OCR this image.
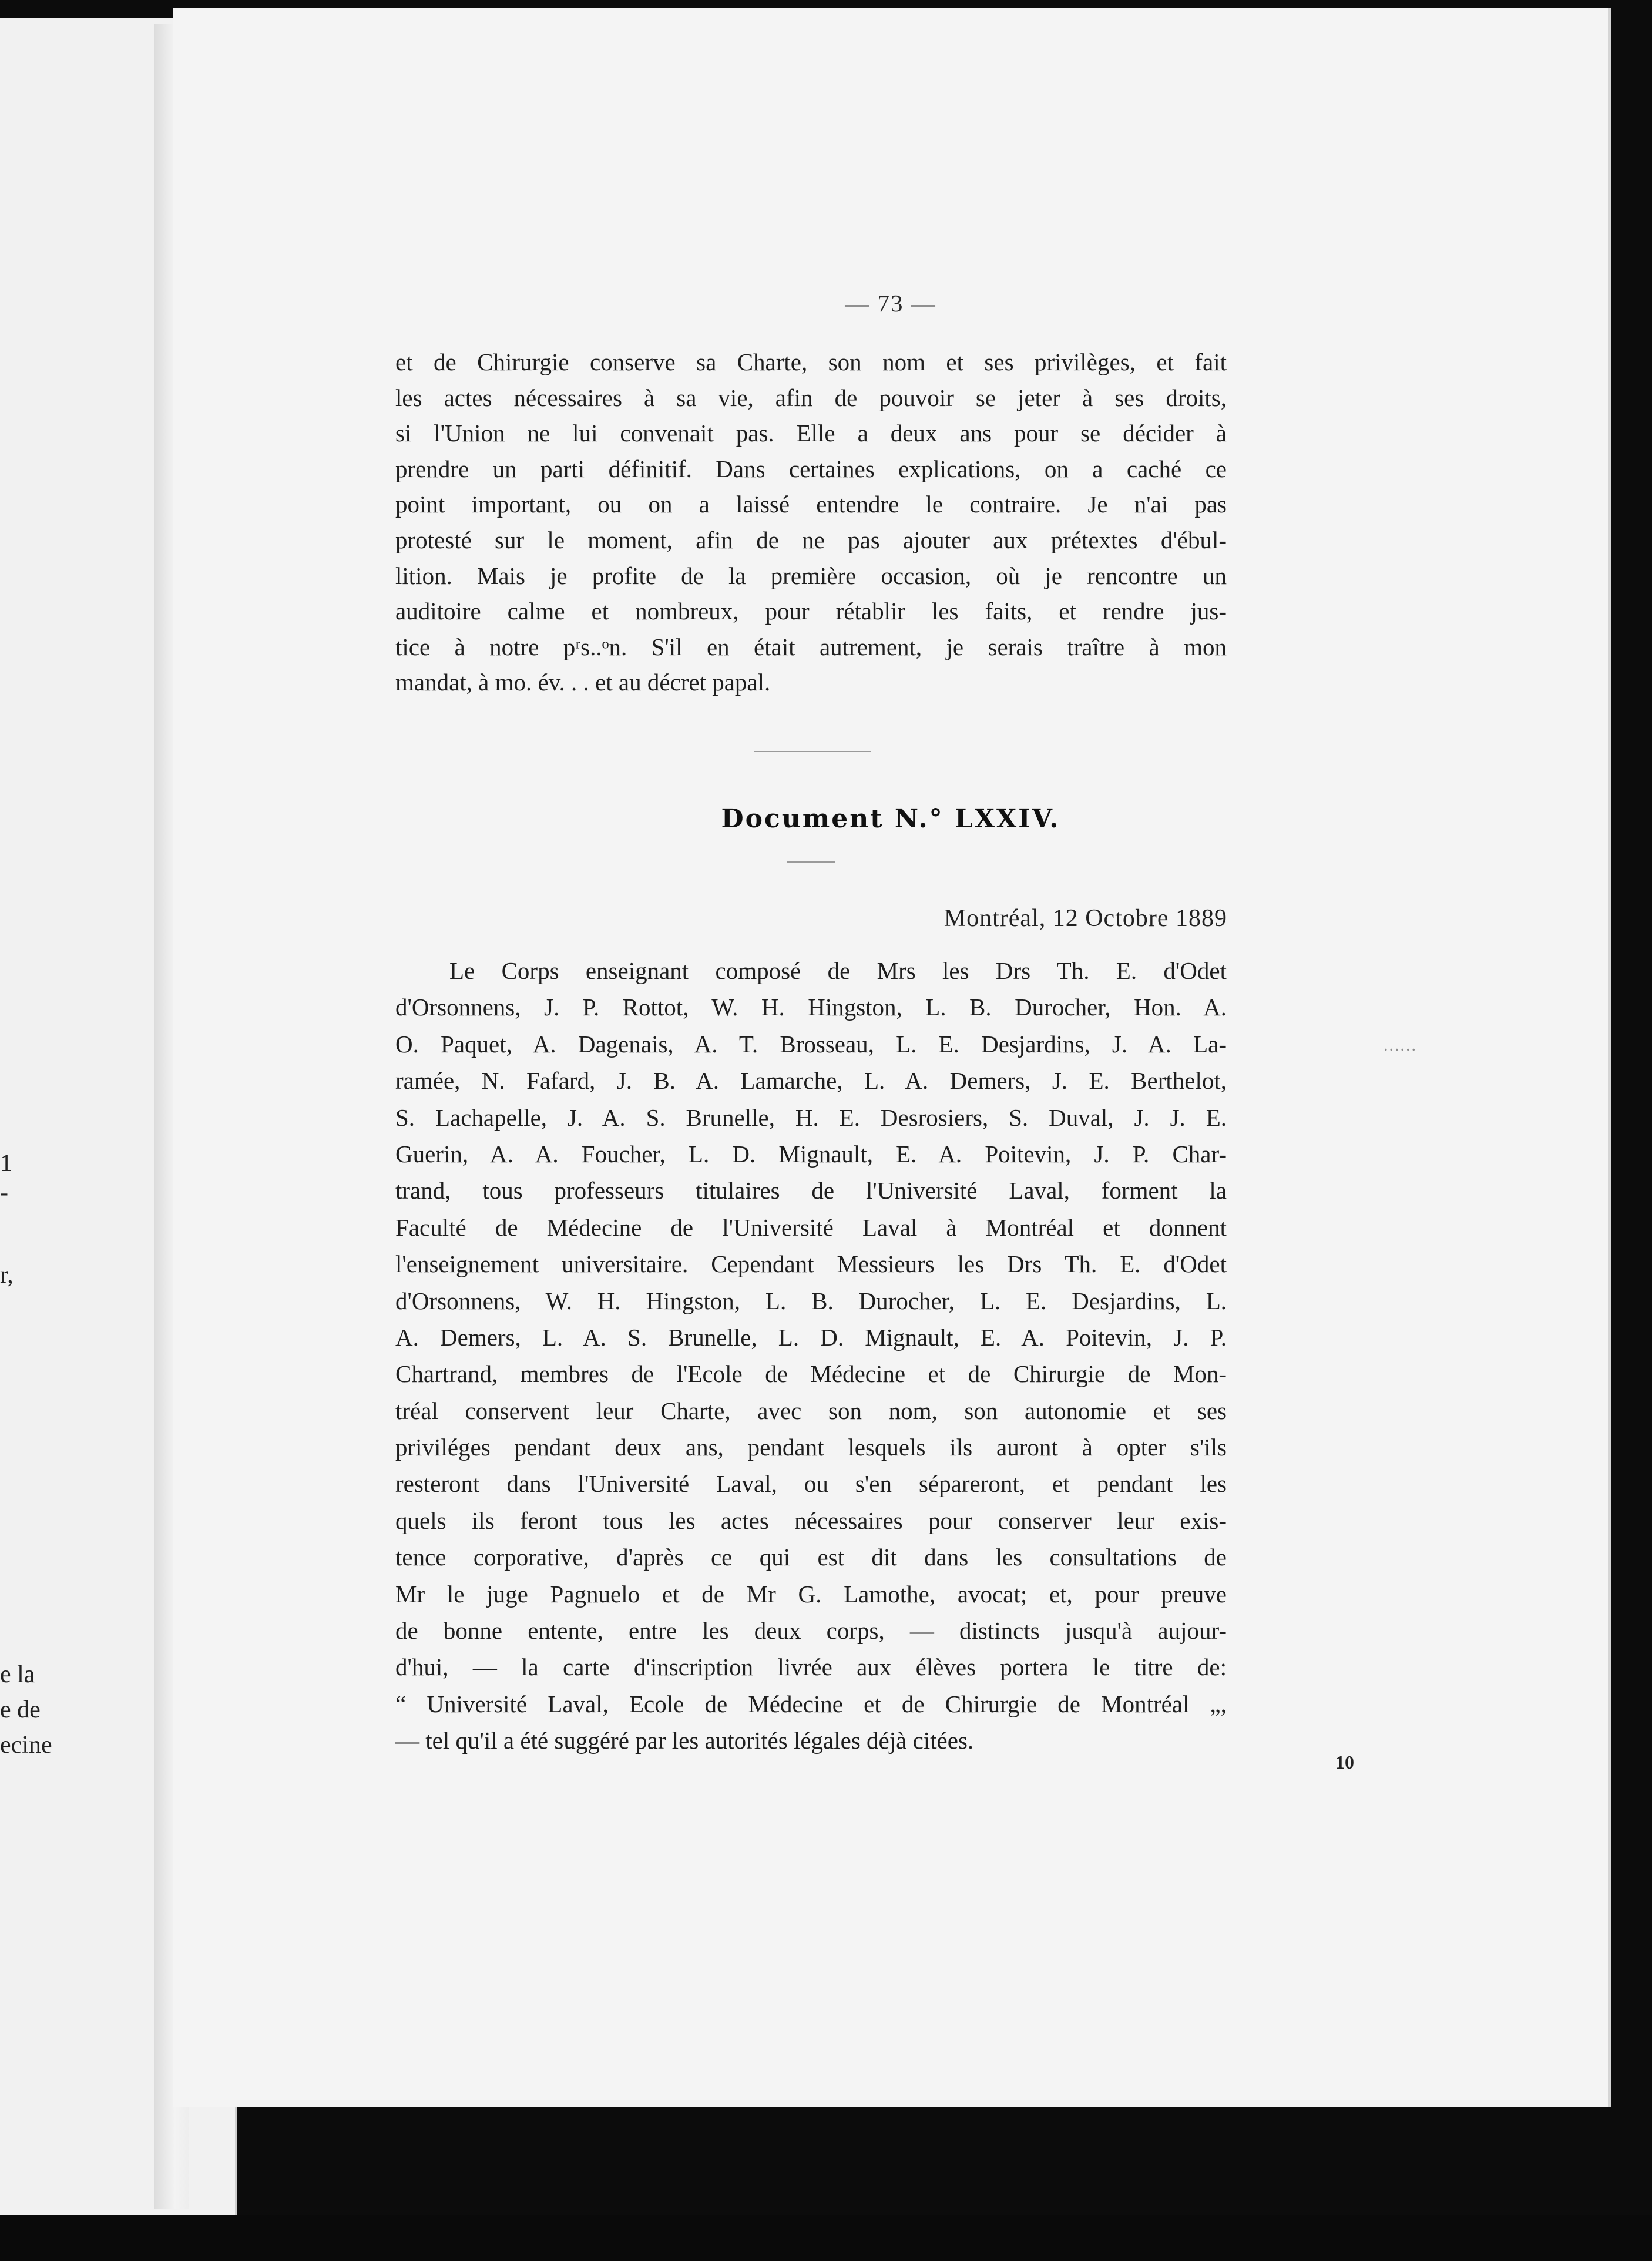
1
-
r,
e la
e de
ecine
— 73 —
et de Chirurgie conserve sa Charte, son nom et ses privilèges, et fait
les actes nécessaires à sa vie, afin de pouvoir se jeter à ses droits,
si l'Union ne lui convenait pas. Elle a deux ans pour se décider à
prendre un parti définitif. Dans certaines explications, on a caché ce
point important, ou on a laissé entendre le contraire. Je n'ai pas
protesté sur le moment, afin de ne pas ajouter aux prétextes d'ébul-
lition. Mais je profite de la première occasion, où je rencontre un
auditoire calme et nombreux, pour rétablir les faits, et rendre jus-
tice à notre pʳs..ᵒn. S'il en était autrement, je serais traître à mon
mandat, à mo. év. . . et au décret papal.
Document N.° LXXIV.
Montréal, 12 Octobre 1889
Le Corps enseignant composé de Mrs les Drs Th. E. d'Odet
d'Orsonnens, J. P. Rottot, W. H. Hingston, L. B. Durocher, Hon. A.
O. Paquet, A. Dagenais, A. T. Brosseau, L. E. Desjardins, J. A. La-
ramée, N. Fafard, J. B. A. Lamarche, L. A. Demers, J. E. Berthelot,
S. Lachapelle, J. A. S. Brunelle, H. E. Desrosiers, S. Duval, J. J. E.
Guerin, A. A. Foucher, L. D. Mignault, E. A. Poitevin, J. P. Char-
trand, tous professeurs titulaires de l'Université Laval, forment la
Faculté de Médecine de l'Université Laval à Montréal et donnent
l'enseignement universitaire. Cependant Messieurs les Drs Th. E. d'Odet
d'Orsonnens, W. H. Hingston, L. B. Durocher, L. E. Desjardins, L.
A. Demers, L. A. S. Brunelle, L. D. Mignault, E. A. Poitevin, J. P.
Chartrand, membres de l'Ecole de Médecine et de Chirurgie de Mon-
tréal conservent leur Charte, avec son nom, son autonomie et ses
priviléges pendant deux ans, pendant lesquels ils auront à opter s'ils
resteront dans l'Université Laval, ou s'en sépareront, et pendant les
quels ils feront tous les actes nécessaires pour conserver leur exis-
tence corporative, d'après ce qui est dit dans les consultations de
Mr le juge Pagnuelo et de Mr G. Lamothe, avocat; et, pour preuve
de bonne entente, entre les deux corps, — distincts jusqu'à aujour-
d'hui, — la carte d'inscription livrée aux élèves portera le titre de:
“ Université Laval, Ecole de Médecine et de Chirurgie de Montréal „,
— tel qu'il a été suggéré par les autorités légales déjà citées.
10
......
